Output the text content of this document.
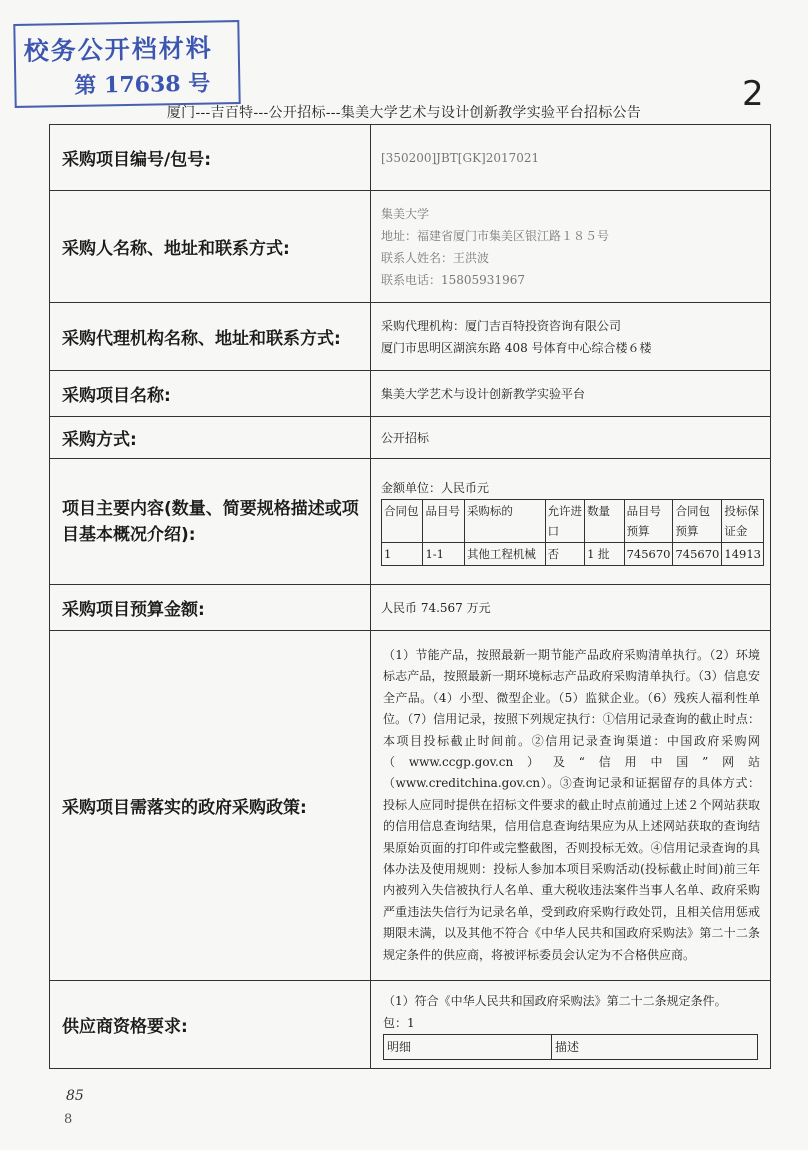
校务公开档材料
第 17638 号	2
厦门---吉百特---公开招标---集美大学艺术与设计创新教学实验平台招标公告
采购项目编号/包号:	[350200]JBT[GK]2017021
采购人名称、地址和联系方式:	
集美大学
地址：福建省厦门市集美区银江路１８５号
联系人姓名：王洪波
联系电话：15805931967

采购代理机构名称、地址和联系方式:	
采购代理机构：厦门吉百特投资咨询有限公司
厦门市思明区湖滨东路 408 号体育中心综合楼６楼

采购项目名称:	集美大学艺术与设计创新教学实验平台
采购方式:	公开招标
项目主要内容(数量、简要规格描述或项目基本概况介绍):	
金额单位：人民币元
合同包	品目号	采购标的	允许进口	数量	品目号预算	合同包预算	投标保证金
1	1-1	其他工程机械	否	1 批	745670	745670	14913

采购项目预算金额:	人民币 74.567 万元
采购项目需落实的政府采购政策:	（1）节能产品，按照最新一期节能产品政府采购清单执行。（2）环境标志产品，按照最新一期环境标志产品政府采购清单执行。（3）信息安全产品。（4）小型、微型企业。（5）监狱企业。（6）残疾人福利性单位。（7）信用记录，按照下列规定执行：①信用记录查询的截止时点：本项目投标截止时间前。②信用记录查询渠道：中国政府采购网（www.ccgp.gov.cn）及“信用中国”网站（www.creditchina.gov.cn）。③查询记录和证据留存的具体方式：投标人应同时提供在招标文件要求的截止时点前通过上述２个网站获取的信用信息查询结果，信用信息查询结果应为从上述网站获取的查询结果原始页面的打印件或完整截图，否则投标无效。④信用记录查询的具体办法及使用规则：投标人参加本项目采购活动(投标截止时间)前三年内被列入失信被执行人名单、重大税收违法案件当事人名单、政府采购严重违法失信行为记录名单，受到政府采购行政处罚，且相关信用惩戒期限未满，以及其他不符合《中华人民共和国政府采购法》第二十二条规定条件的供应商，将被评标委员会认定为不合格供应商。
供应商资格要求:	
（1）符合《中华人民共和国政府采购法》第二十二条规定条件。
包：1
明细	描述
85
8
